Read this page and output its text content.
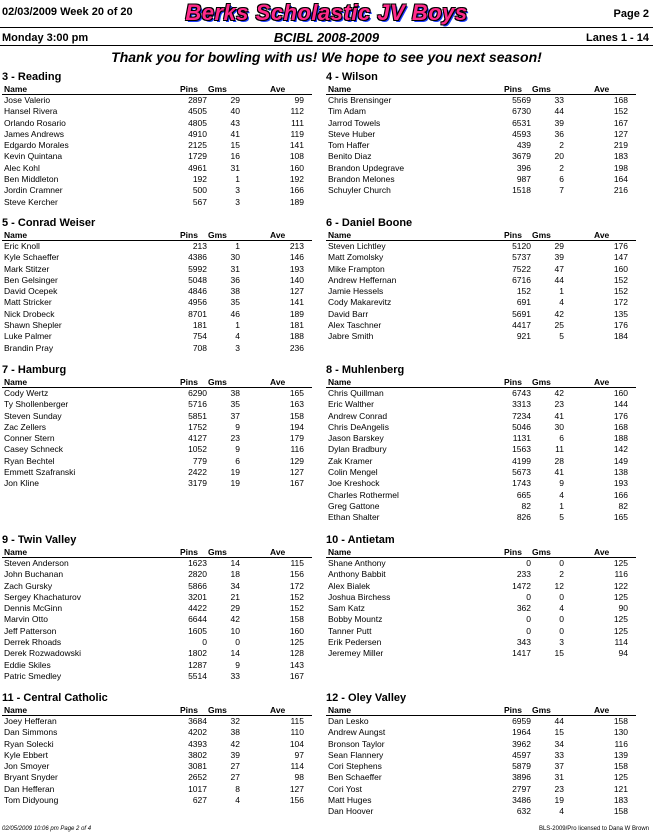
02/03/2009 Week 20 of 20	Berks Scholastic JV Boys	Page 2
Monday 3:00 pm	BCIBL 2008-2009	Lanes 1 - 14
Thank you for bowling with us! We hope to see you next season!
3 - Reading
Name	Pins Gms	Ave
Jose Valerio	2897	29	99
Hansel Rivera	4505	40	112
Orlando Rosario	4805	43	111
James Andrews	4910	41	119
Edgardo Morales	2125	15	141
Kevin Quintana	1729	16	108
Alec Kohl	4961	31	160
Ben Middleton	192	1	192
Jordin Cramner	500	3	166
Steve Kercher	567	3	189
4 - Wilson
Name	Pins Gms	Ave
Chris Brensinger	5569	33	168
Tim Adam	6730	44	152
Jarrod Towels	6531	39	167
Steve Huber	4593	36	127
Tom Haffer	439	2	219
Benito Diaz	3679	20	183
Brandon Updegrave	396	2	198
Brandon Melones	987	6	164
Schuyler Church	1518	7	216
5 - Conrad Weiser
Name	Pins Gms	Ave
Eric Knoll	213	1	213
Kyle Schaeffer	4386	30	146
Mark Stitzer	5992	31	193
Ben Gelsinger	5048	36	140
David Ocepek	4846	38	127
Matt Stricker	4956	35	141
Nick Drobeck	8701	46	189
Shawn Shepler	181	1	181
Luke Palmer	754	4	188
Brandin Pray	708	3	236
6 - Daniel Boone
Name	Pins Gms	Ave
Steven Lichtley	5120	29	176
Matt Zomolsky	5737	39	147
Mike Frampton	7522	47	160
Andrew Heffernan	6716	44	152
Jamie Hessels	152	1	152
Cody Makarevitz	691	4	172
David Barr	5691	42	135
Alex Taschner	4417	25	176
Jabre Smith	921	5	184
7 - Hamburg
Name	Pins Gms	Ave
Cody Wertz	6290	38	165
Ty Shollenberger	5716	35	163
Steven Sunday	5851	37	158
Zac Zellers	1752	9	194
Conner Stern	4127	23	179
Casey Schneck	1052	9	116
Ryan Bechtel	779	6	129
Emmett Szafranski	2422	19	127
Jon Kline	3179	19	167
8 - Muhlenberg
Name	Pins Gms	Ave
Chris Quillman	6743	42	160
Eric Walther	3313	23	144
Andrew Conrad	7234	41	176
Chris DeAngelis	5046	30	168
Jason Barskey	1131	6	188
Dylan Bradbury	1563	11	142
Zak Kramer	4199	28	149
Colin Mengel	5673	41	138
Joe Kreshock	1743	9	193
Charles Rothermel	665	4	166
Greg Gattone	82	1	82
Ethan Shalter	826	5	165
9 - Twin Valley
Name	Pins Gms	Ave
Steven Anderson	1623	14	115
John Buchanan	2820	18	156
Zach Gursky	5866	34	172
Sergey Khachaturov	3201	21	152
Dennis McGinn	4422	29	152
Marvin Otto	6644	42	158
Jeff Patterson	1605	10	160
Derrek Rhoads	0	0	125
Derek Rozwadowski	1802	14	128
Eddie Skiles	1287	9	143
Patric Smedley	5514	33	167
10 - Antietam
Name	Pins Gms	Ave
Shane Anthony	0	0	125
Anthony Babbit	233	2	116
Alex Bialek	1472	12	122
Joshua Birchess	0	0	125
Sam Katz	362	4	90
Bobby Mountz	0	0	125
Tanner Putt	0	0	125
Erik Pedersen	343	3	114
Jeremey Miller	1417	15	94
11 - Central Catholic
Name	Pins Gms	Ave
Joey Hefferan	3684	32	115
Dan Simmons	4202	38	110
Ryan Solecki	4393	42	104
Kyle Ebbert	3802	39	97
Jon Smoyer	3081	27	114
Bryant Snyder	2652	27	98
Dan Hefferan	1017	8	127
Tom Didyoung	627	4	156
12 - Oley Valley
Name	Pins Gms	Ave
Dan Lesko	6959	44	158
Andrew Aungst	1964	15	130
Bronson Taylor	3962	34	116
Sean Flannery	4597	33	139
Cori Stephens	5879	37	158
Ben Schaeffer	3896	31	125
Cori Yost	2797	23	121
Matt Huges	3486	19	183
Dan Hoover	632	4	158
02/05/2009 10:06 pm Page 2 of 4	BLS-2009/Pro licensed to Dana W Brown
